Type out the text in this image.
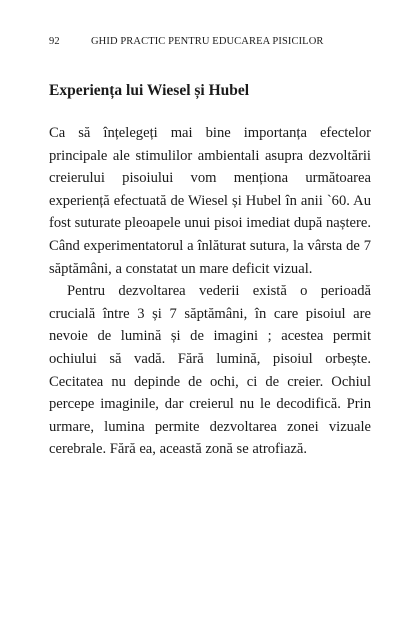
92	GHID PRACTIC PENTRU EDUCAREA PISICILOR
Experiența lui Wiesel și Hubel

Ca să înțelegeți mai bine importanța efectelor principale ale stimulilor ambientali asupra dezvoltării creierului pisoiului vom menționa următoarea experiență efectuată de Wiesel și Hubel în anii `60. Au fost suturate pleoapele unui pisoi imediat după naștere. Când experimentatorul a înlăturat sutura, la vârsta de 7 săptămâni, a constatat un mare deficit vizual.

Pentru dezvoltarea vederii există o perioadă crucială între 3 și 7 săptămâni, în care pisoiul are nevoie de lumină și de imagini ; acestea permit ochiului să vadă. Fără lumină, pisoiul orbește. Cecitatea nu depinde de ochi, ci de creier. Ochiul percepe imaginile, dar creierul nu le decodifică. Prin urmare, lumina permite dezvoltarea zonei vizuale cerebrale. Fără ea, această zonă se atrofiază.
